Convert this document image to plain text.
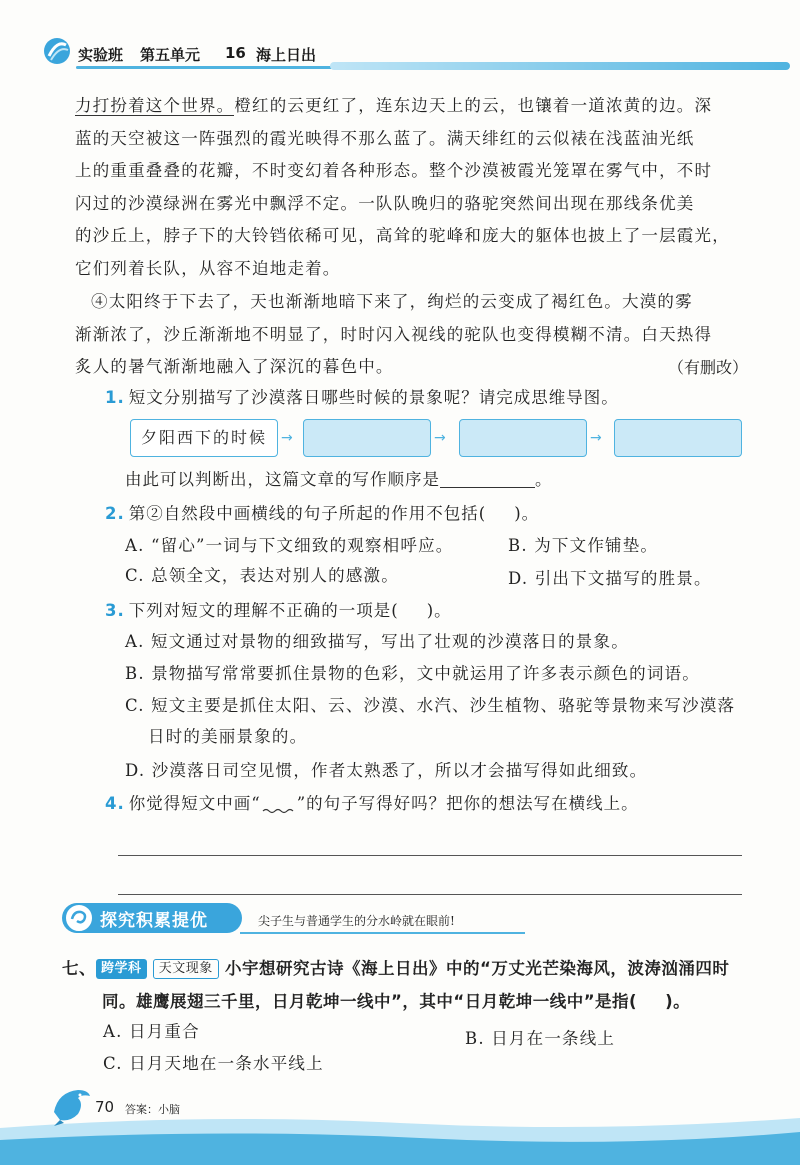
实验班 第五单元 16 海上日出
力打扮着这个世界。橙红的云更红了，连东边天上的云，也镶着一道浓黄的边。深
蓝的天空被这一阵强烈的霞光映得不那么蓝了。满天绯红的云似裱在浅蓝油光纸
上的重重叠叠的花瓣，不时变幻着各种形态。整个沙漠被霞光笼罩在雾气中，不时
闪过的沙漠绿洲在雾光中飘浮不定。一队队晚归的骆驼突然间出现在那线条优美
的沙丘上，脖子下的大铃铛依稀可见，高耸的驼峰和庞大的躯体也披上了一层霞光，
它们列着长队，从容不迫地走着。
④太阳终于下去了，天也渐渐地暗下来了，绚烂的云变成了褐红色。大漠的雾
渐渐浓了，沙丘渐渐地不明显了，时时闪入视线的驼队也变得模糊不清。白天热得
炙人的暑气渐渐地融入了深沉的暮色中。	（有删改）
1. 短文分别描写了沙漠落日哪些时候的景象呢？请完成思维导图。
夕阳西下的时候 →	→	→
由此可以判断出，这篇文章的写作顺序是	。
2. 第②自然段中画横线的句子所起的作用不包括( )。
A. “留心”一词与下文细致的观察相呼应。	B. 为下文作铺垫。
C. 总领全文，表达对别人的感激。	D. 引出下文描写的胜景。
3. 下列对短文的理解不正确的一项是( )。
A. 短文通过对景物的细致描写，写出了壮观的沙漠落日的景象。
B. 景物描写常常要抓住景物的色彩，文中就运用了许多表示颜色的词语。
C. 短文主要是抓住太阳、云、沙漠、水汽、沙生植物、骆驼等景物来写沙漠落
日时的美丽景象的。
D. 沙漠落日司空见惯，作者太熟悉了，所以才会描写得如此细致。
4. 你觉得短文中画“ ”的句子写得好吗？把你的想法写在横线上。
探究积累提优	尖子生与普通学生的分水岭就在眼前!
七、 跨学科 天文现象 小宇想研究古诗《海上日出》中的“万丈光芒染海风，波涛汹涌四时
同。雄鹰展翅三千里，日月乾坤一线中”，其中“日月乾坤一线中”是指( )。
A. 日月重合	B. 日月在一条线上
C. 日月天地在一条水平线上
70 答案：小脑
